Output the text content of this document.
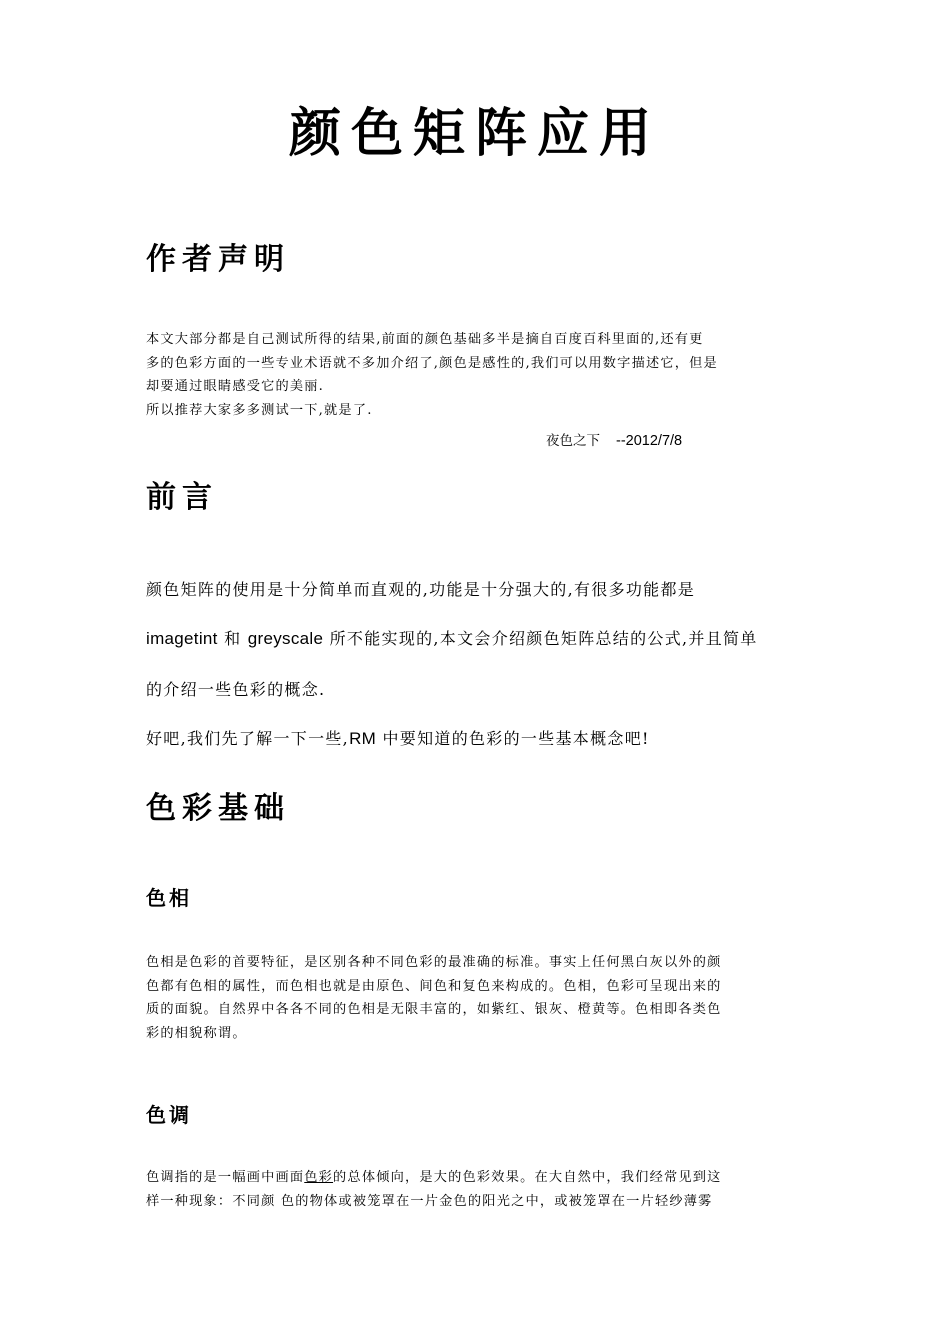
颜色矩阵应用
作者声明
本文大部分都是自己测试所得的结果,前面的颜色基础多半是摘自百度百科里面的,还有更
多的色彩方面的一些专业术语就不多加介绍了,颜色是感性的,我们可以用数字描述它，但是
却要通过眼睛感受它的美丽.
所以推荐大家多多测试一下,就是了.
夜色之下 --2012/7/8
前言
颜色矩阵的使用是十分简单而直观的,功能是十分强大的,有很多功能都是
imagetint 和 greyscale 所不能实现的,本文会介绍颜色矩阵总结的公式,并且简单
的介绍一些色彩的概念.
好吧,我们先了解一下一些,RM 中要知道的色彩的一些基本概念吧!
色彩基础
色相
色相是色彩的首要特征，是区别各种不同色彩的最准确的标准。事实上任何黑白灰以外的颜
色都有色相的属性，而色相也就是由原色、间色和复色来构成的。色相，色彩可呈现出来的
质的面貌。自然界中各各不同的色相是无限丰富的，如紫红、银灰、橙黄等。色相即各类色
彩的相貌称谓。
色调
色调指的是一幅画中画面色彩的总体倾向，是大的色彩效果。在大自然中，我们经常见到这
样一种现象：不同颜 色的物体或被笼罩在一片金色的阳光之中，或被笼罩在一片轻纱薄雾
